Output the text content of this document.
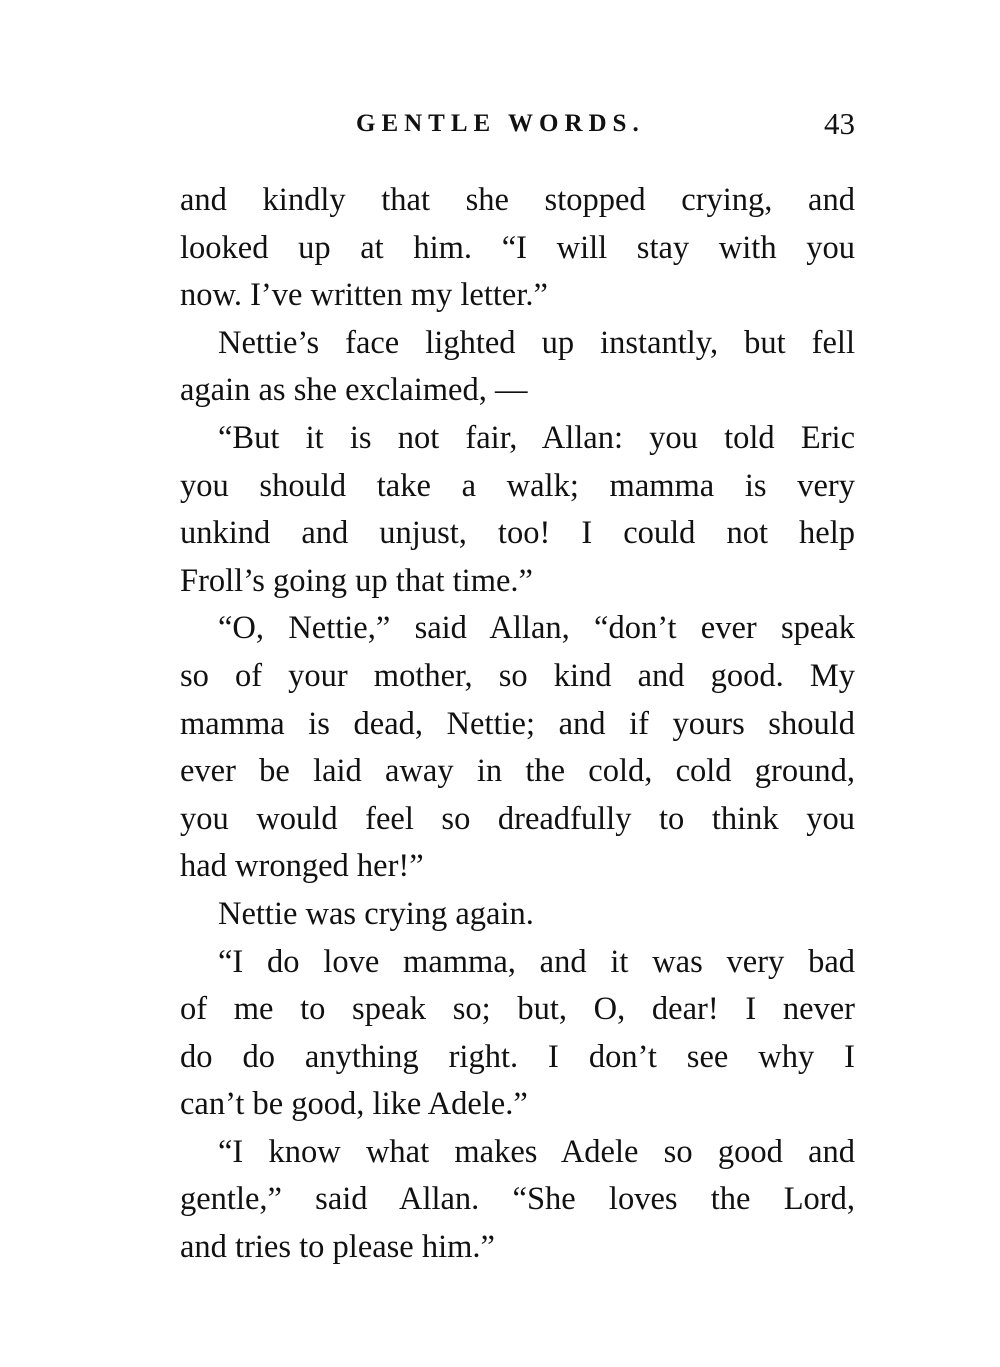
GENTLE WORDS.	43
and kindly that she stopped crying, and
looked up at him. “I will stay with you
now. I’ve written my letter.”
Nettie’s face lighted up instantly, but fell
again as she exclaimed, —
“But it is not fair, Allan: you told Eric
you should take a walk; mamma is very
unkind and unjust, too! I could not help
Froll’s going up that time.”
“O, Nettie,” said Allan, “don’t ever speak
so of your mother, so kind and good. My
mamma is dead, Nettie; and if yours should
ever be laid away in the cold, cold ground,
you would feel so dreadfully to think you
had wronged her!”
Nettie was crying again.
“I do love mamma, and it was very bad
of me to speak so; but, O, dear! I never
do do anything right. I don’t see why I
can’t be good, like Adele.”
“I know what makes Adele so good and
gentle,” said Allan. “She loves the Lord,
and tries to please him.”
